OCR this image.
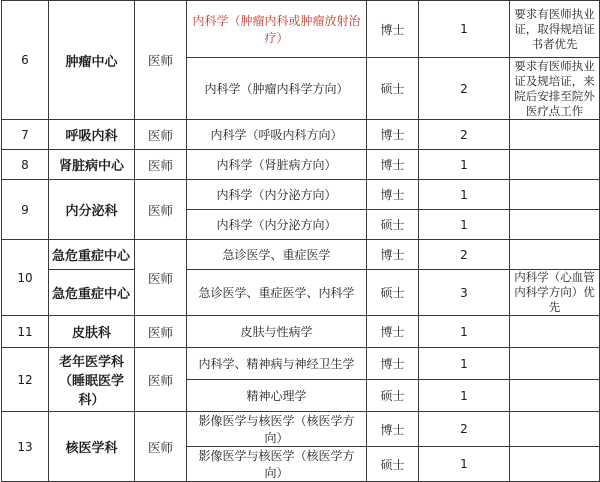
6	肿瘤中心	医师	内科学（肿瘤内科或肿瘤放射治疗）	博士	1	要求有医师执业证，取得规培证书者优先
			内科学（肿瘤内科学方向）	硕士	2	要求有医师执业证及规培证，来院后安排至院外医疗点工作
7	呼吸内科	医师	内科学（呼吸内科方向）	博士	2	
8	肾脏病中心	医师	内科学（肾脏病方向）	博士	1	
9	内分泌科	医师	内科学（内分泌方向）	博士	1	
			内科学（内分泌方向）	硕士	1	
10	急危重症中心	医师	急诊医学、重症医学	博士	2	
	急危重症中心		急诊医学、重症医学、内科学	硕士	3	内科学（心血管内科学方向）优先
11	皮肤科	医师	皮肤与性病学	博士	1	
12	老年医学科（睡眠医学科）	医师	内科学、精神病与神经卫生学	博士	1	
			精神心理学	硕士	1	
13	核医学科	医师	影像医学与核医学（核医学方向）	博士	2	
			影像医学与核医学（核医学方向）	硕士	1	
